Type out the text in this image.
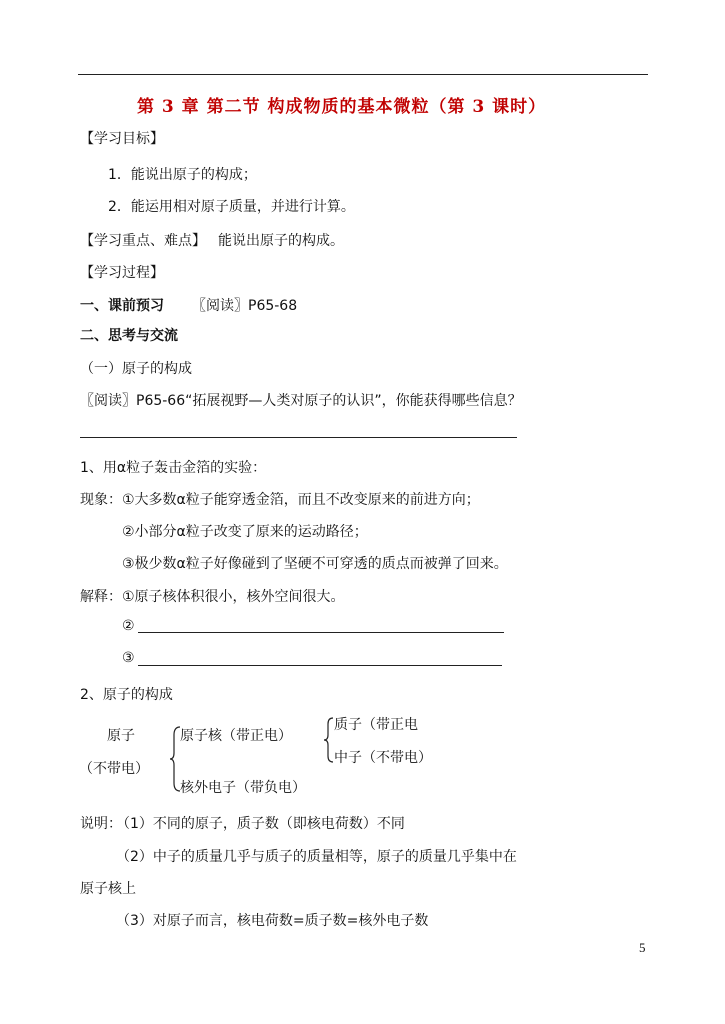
第 3 章 第二节 构成物质的基本微粒（第 3 课时）
【学习目标】
1．能说出原子的构成；
2．能运用相对原子质量，并进行计算。
【学习重点、难点】 能说出原子的构成。
【学习过程】
一、课前预习 〖阅读〗P65-68
二、思考与交流
（一）原子的构成
〖阅读〗P65-66“拓展视野—人类对原子的认识”，你能获得哪些信息？
1、用α粒子轰击金箔的实验：
现象： ①大多数α粒子能穿透金箔，而且不改变原来的前进方向；
②小部分α粒子改变了原来的运动路径；
③极少数α粒子好像碰到了坚硬不可穿透的质点而被弹了回来。
解释： ①原子核体积很小，核外空间很大。
②
③
2、原子的构成
原子
（不带电）
原子核（带正电）
核外电子（带负电）
质子（带正电
中子（不带电）
说明：
（1）不同的原子，质子数（即核电荷数）不同
（2）中子的质量几乎与质子的质量相等，原子的质量几乎集中在
原子核上
（3）对原子而言，核电荷数=质子数=核外电子数
5
